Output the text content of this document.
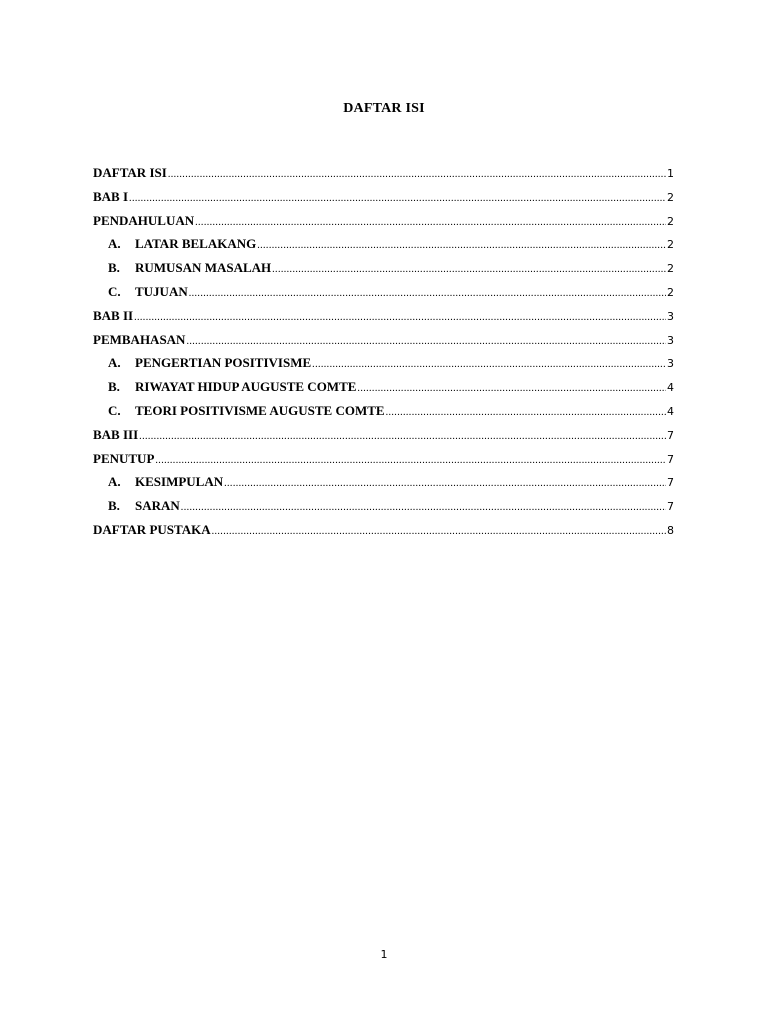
DAFTAR ISI
DAFTAR ISI .....	1
BAB I .....	2
PENDAHULUAN .....	2
A.	LATAR BELAKANG .....	2
B.	RUMUSAN MASALAH .....	2
C.	TUJUAN .....	2
BAB II .....	3
PEMBAHASAN .....	3
A.	PENGERTIAN POSITIVISME .....	3
B.	RIWAYAT HIDUP AUGUSTE COMTE .....	4
C.	TEORI POSITIVISME AUGUSTE COMTE .....	4
BAB III .....	7
PENUTUP .....	7
A.	KESIMPULAN .....	7
B.	SARAN .....	7
DAFTAR PUSTAKA .....	8
1
